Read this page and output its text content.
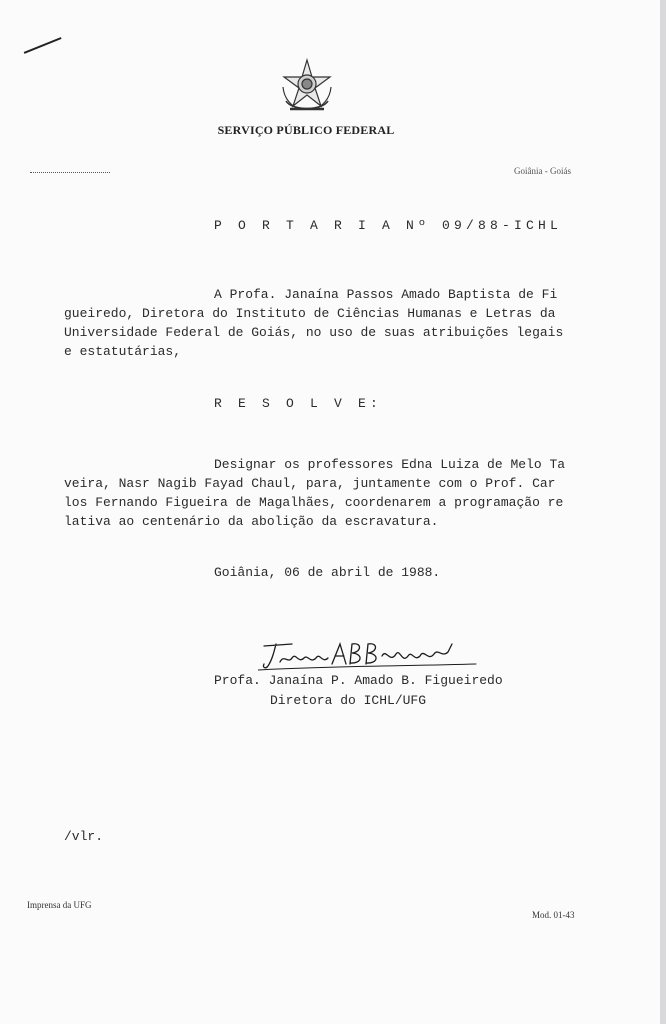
SERVIÇO PÚBLICO FEDERAL
Goiânia - Goiás
P O R T A R I A Nº 09/88-ICHL
A Profa. Janaína Passos Amado Baptista de Fi
gueiredo, Diretora do Instituto de Ciências Humanas e Letras da
Universidade Federal de Goiás, no uso de suas atribuições legais
e estatutárias,
R E S O L V E:
Designar os professores Edna Luiza de Melo Ta
veira, Nasr Nagib Fayad Chaul, para, juntamente com o Prof. Car
los Fernando Figueira de Magalhães, coordenarem a programação re
lativa ao centenário da abolição da escravatura.
Goiânia, 06 de abril de 1988.
Profa. Janaína P. Amado B. Figueiredo
Diretora do ICHL/UFG
/vlr.
Imprensa da UFG
Mod. 01-43
